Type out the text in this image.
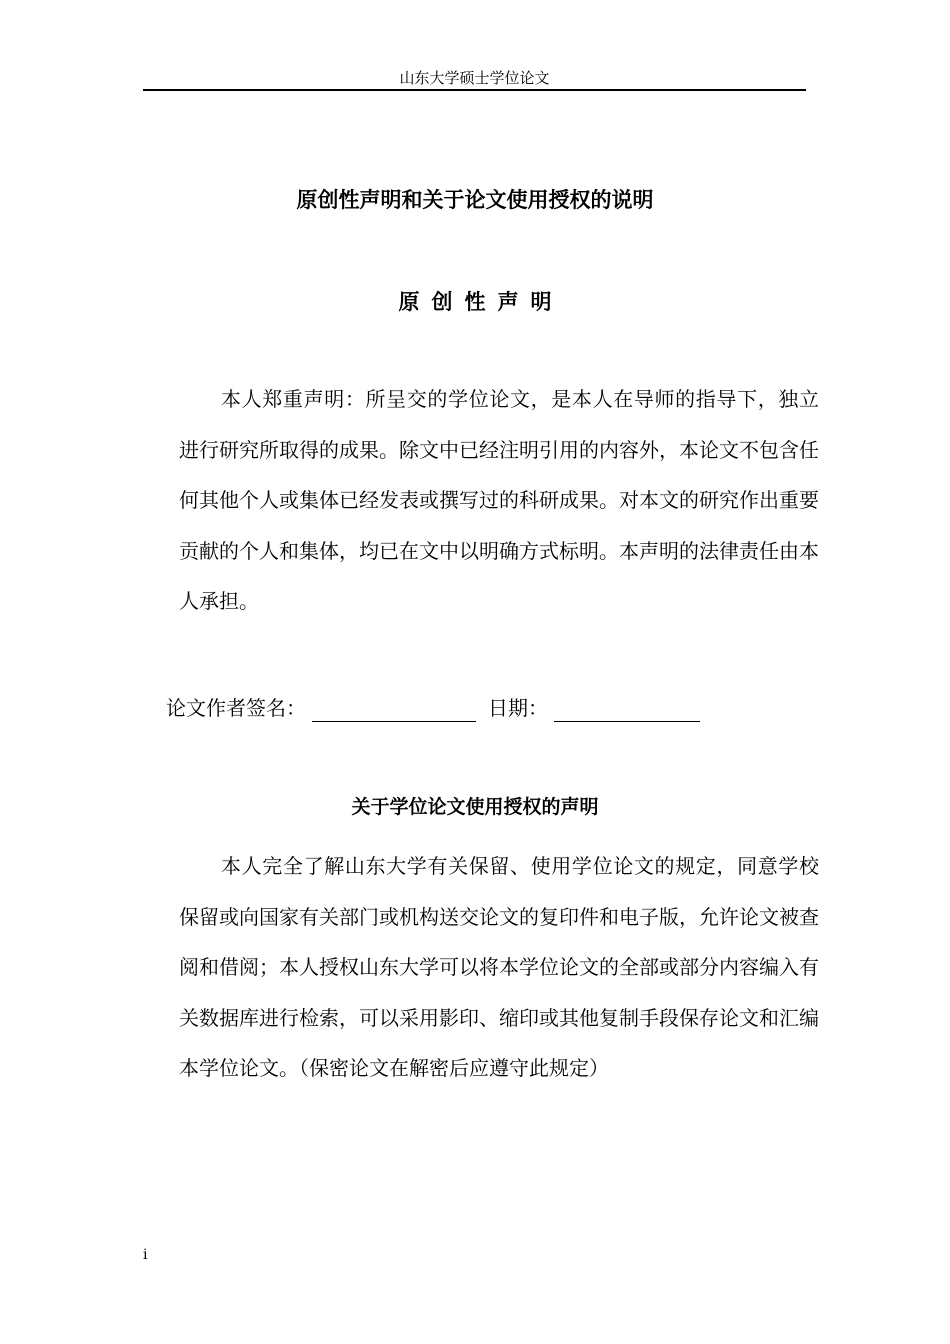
山东大学硕士学位论文
原创性声明和关于论文使用授权的说明
原创性声明

本人郑重声明：所呈交的学位论文，是本人在导师的指导下，独立进行研究所取得的成果。除文中已经注明引用的内容外，本论文不包含任何其他个人或集体已经发表或撰写过的科研成果。对本文的研究作出重要贡献的个人和集体，均已在文中以明确方式标明。本声明的法律责任由本人承担。

论文作者签名：	日期：
关于学位论文使用授权的声明

本人完全了解山东大学有关保留、使用学位论文的规定，同意学校保留或向国家有关部门或机构送交论文的复印件和电子版，允许论文被查阅和借阅；本人授权山东大学可以将本学位论文的全部或部分内容编入有关数据库进行检索，可以采用影印、缩印或其他复制手段保存论文和汇编本学位论文。（保密论文在解密后应遵守此规定）

i
